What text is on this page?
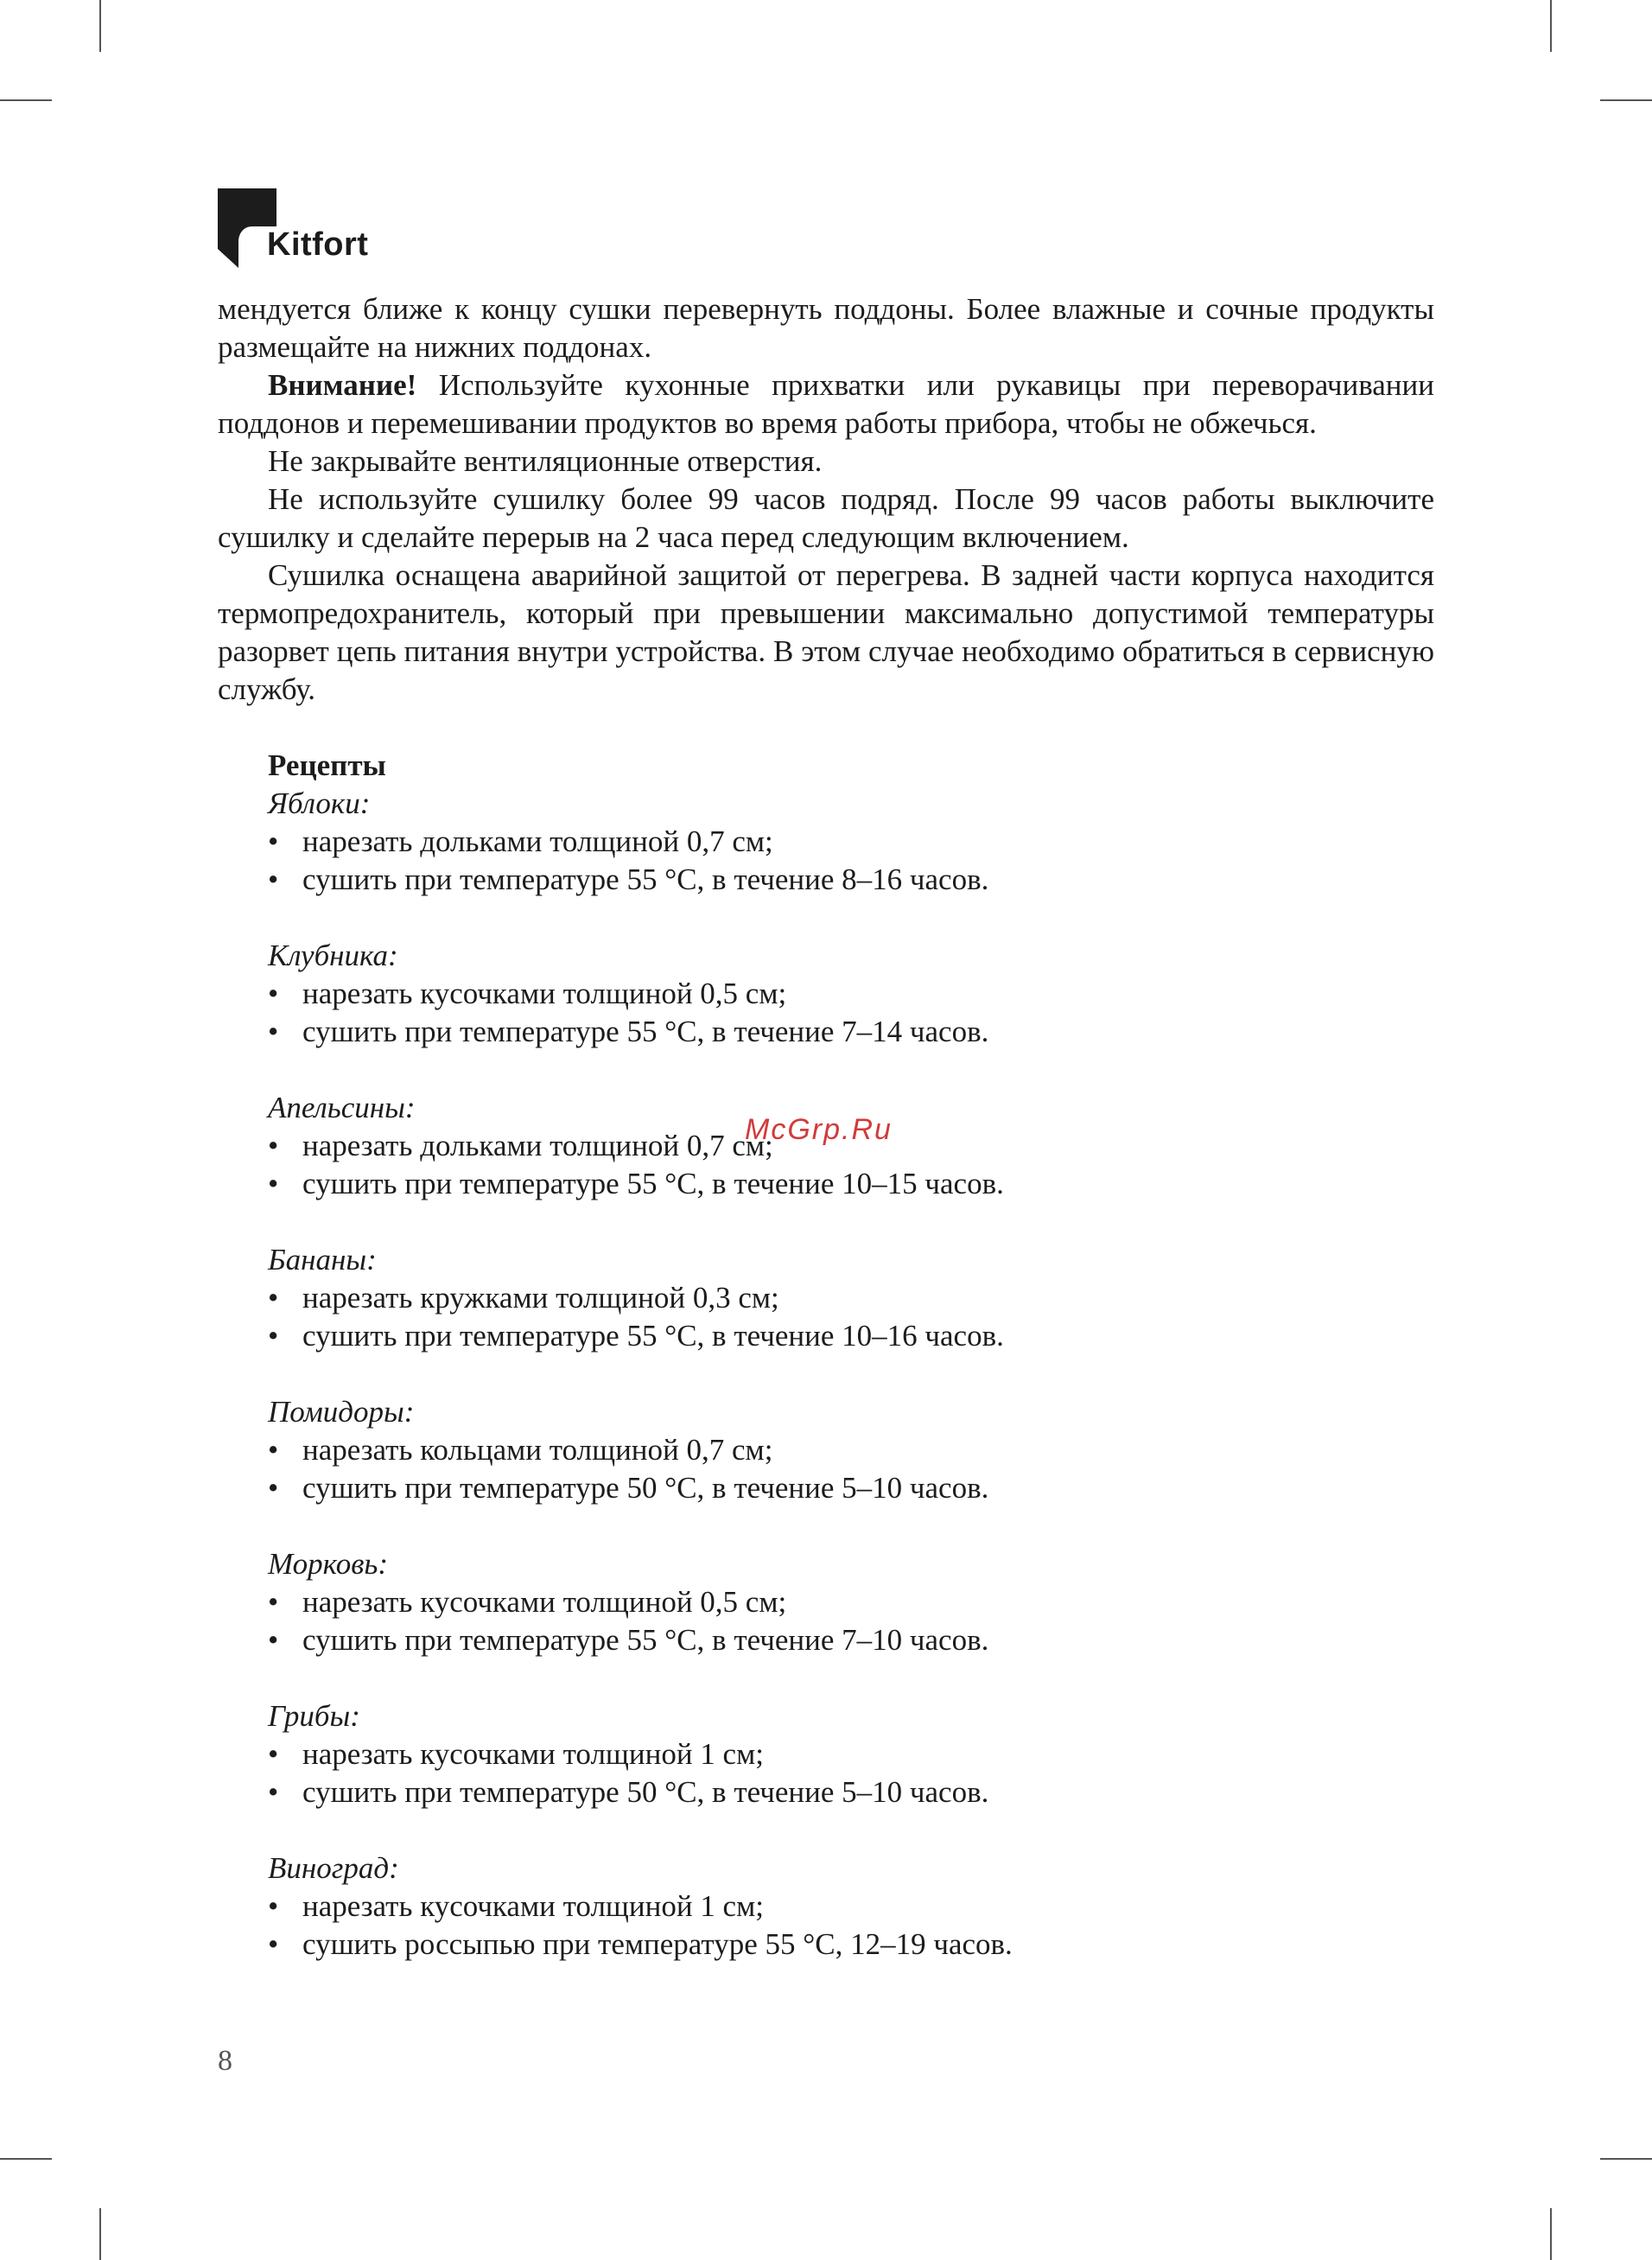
Kitfort

мендуется ближе к концу сушки перевернуть поддоны. Более влажные и сочные продукты размещайте на нижних поддонах.

Внимание! Используйте кухонные прихватки или рукавицы при переворачивании поддонов и перемешивании продуктов во время работы прибора, чтобы не обжечься.

Не закрывайте вентиляционные отверстия.

Не используйте сушилку более 99 часов подряд. После 99 часов работы выключите сушилку и сделайте перерыв на 2 часа перед следующим включением.

Сушилка оснащена аварийной защитой от перегрева. В задней части корпуса находится термопредохранитель, который при превышении максимально допустимой температуры разорвет цепь питания внутри устройства. В этом случае необходимо обратиться в сервисную службу.

Рецепты

Яблоки:

• нарезать дольками толщиной 0,7 см;
• сушить при температуре 55 °C, в течение 8–16 часов.

Клубника:

• нарезать кусочками толщиной 0,5 см;
• сушить при температуре 55 °C, в течение 7–14 часов.

Апельсины:

• нарезать дольками толщиной 0,7 см;
• сушить при температуре 55 °C, в течение 10–15 часов.

Бананы:

• нарезать кружками толщиной 0,3 см;
• сушить при температуре 55 °C, в течение 10–16 часов.

Помидоры:

• нарезать кольцами толщиной 0,7 см;
• сушить при температуре 50 °C, в течение 5–10 часов.

Морковь:

• нарезать кусочками толщиной 0,5 см;
• сушить при температуре 55 °C, в течение 7–10 часов.

Грибы:

• нарезать кусочками толщиной 1 см;
• сушить при температуре 50 °C, в течение 5–10 часов.

Виноград:

• нарезать кусочками толщиной 1 см;
• сушить россыпью при температуре 55 °C, 12–19 часов.
McGrp.Ru
8
